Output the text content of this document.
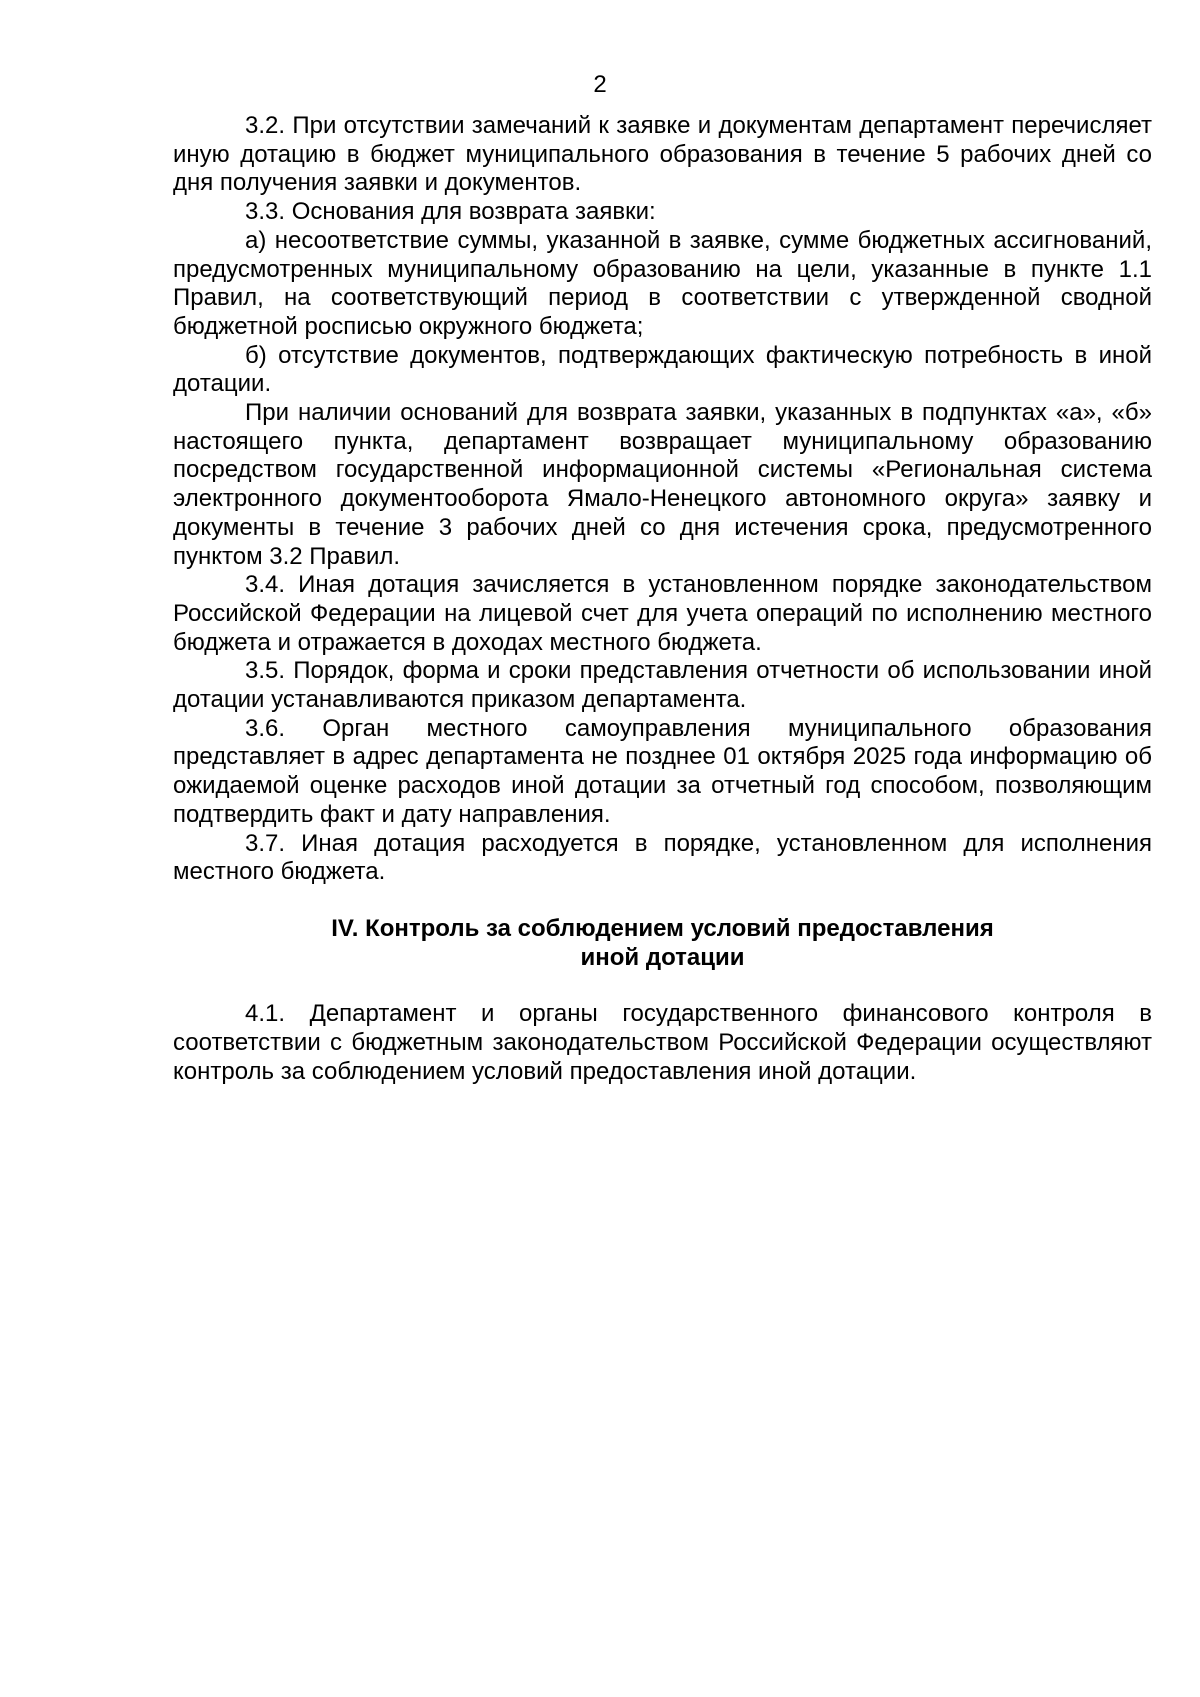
2

3.2. При отсутствии замечаний к заявке и документам департамент перечисляет иную дотацию в бюджет муниципального образования в течение 5 рабочих дней со дня получения заявки и документов.

3.3. Основания для возврата заявки:

а) несоответствие суммы, указанной в заявке, сумме бюджетных ассигнований, предусмотренных муниципальному образованию на цели, указанные в пункте 1.1 Правил, на соответствующий период в соответствии с утвержденной сводной бюджетной росписью окружного бюджета;

б) отсутствие документов, подтверждающих фактическую потребность в иной дотации.

При наличии оснований для возврата заявки, указанных в подпунктах «а», «б» настоящего пункта, департамент возвращает муниципальному образованию посредством государственной информационной системы «Региональная система электронного документооборота Ямало-Ненецкого автономного округа» заявку и документы в течение 3 рабочих дней со дня истечения срока, предусмотренного пунктом 3.2 Правил.

3.4. Иная дотация зачисляется в установленном порядке законодательством Российской Федерации на лицевой счет для учета операций по исполнению местного бюджета и отражается в доходах местного бюджета.

3.5. Порядок, форма и сроки представления отчетности об использовании иной дотации устанавливаются приказом департамента.

3.6. Орган местного самоуправления муниципального образования представляет в адрес департамента не позднее 01 октября 2025 года информацию об ожидаемой оценке расходов иной дотации за отчетный год способом, позволяющим подтвердить факт и дату направления.

3.7. Иная дотация расходуется в порядке, установленном для исполнения местного бюджета.

IV. Контроль за соблюдением условий предоставления
иной дотации

4.1. Департамент и органы государственного финансового контроля в соответствии с бюджетным законодательством Российской Федерации осуществляют контроль за соблюдением условий предоставления иной дотации.
